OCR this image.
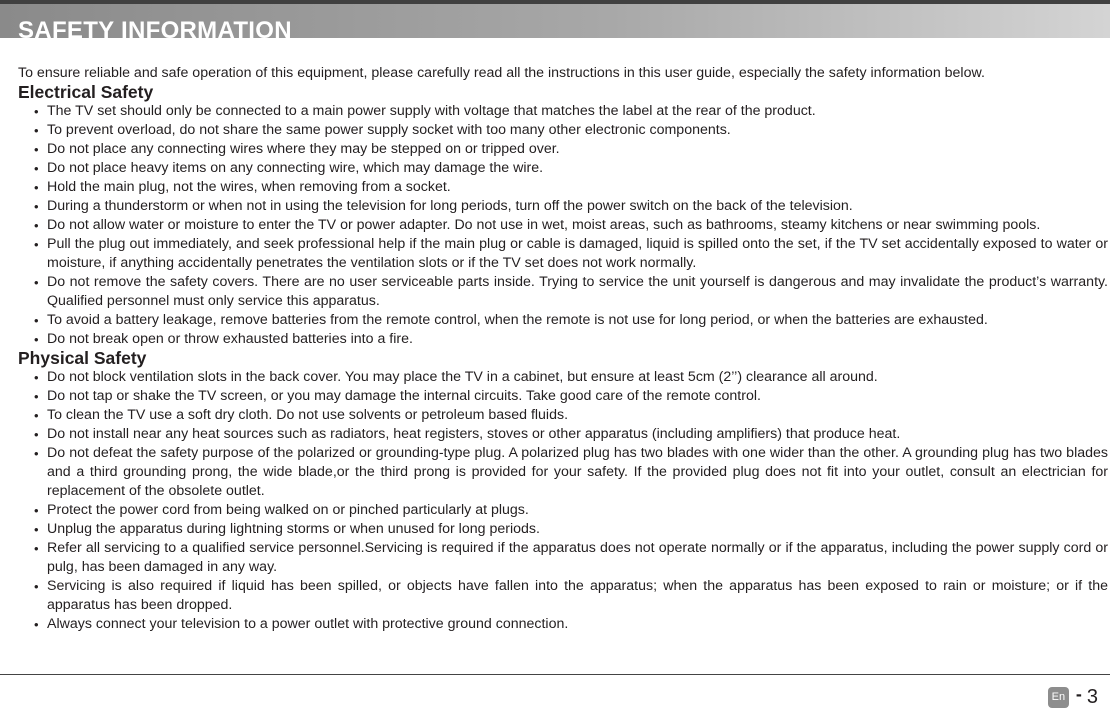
SAFETY INFORMATION

To ensure reliable and safe operation of this equipment, please carefully read all the instructions in this user guide, especially the safety information below.

Electrical Safety
• The TV set should only be connected to a main power supply with voltage that matches the label at the rear of the product.
• To prevent overload, do not share the same power supply socket with too many other electronic components.
• Do not place any connecting wires where they may be stepped on or tripped over.
• Do not place heavy items on any connecting wire, which may damage the wire.
• Hold the main plug, not the wires, when removing from a socket.
• During a thunderstorm or when not in using the television for long periods, turn off the power switch on the back of the television.
• Do not allow water or moisture to enter the TV or power adapter. Do not use in wet, moist areas, such as bathrooms, steamy kitchens or near swimming pools.
• Pull the plug out immediately, and seek professional help if the main plug or cable is damaged, liquid is spilled onto the set, if the TV set accidentally exposed to water or moisture, if anything accidentally penetrates the ventilation slots or if the TV set does not work normally.
• Do not remove the safety covers. There are no user serviceable parts inside. Trying to service the unit yourself is dangerous and may invalidate the product’s warranty. Qualified personnel must only service this apparatus.
• To avoid a battery leakage, remove batteries from the remote control, when the remote is not use for long period, or when the batteries are exhausted.
• Do not break open or throw exhausted batteries into a fire.
Physical Safety
• Do not block ventilation slots in the back cover. You may place the TV in a cabinet, but ensure at least 5cm (2’’) clearance all around.
• Do not tap or shake the TV screen, or you may damage the internal circuits. Take good care of the remote control.
• To clean the TV use a soft dry cloth. Do not use solvents or petroleum based fluids.
• Do not install near any heat sources such as radiators, heat registers, stoves or other apparatus (including amplifiers) that produce heat.
• Do not defeat the safety purpose of the polarized or grounding-type plug. A polarized plug has two blades with one wider than the other. A grounding plug has two blades and a third grounding prong, the wide blade,or the third prong is provided for your safety. If the provided plug does not fit into your outlet, consult an electrician for replacement of the obsolete outlet.
• Protect the power cord from being walked on or pinched particularly at plugs.
• Unplug the apparatus during lightning storms or when unused for long periods.
• Refer all servicing to a qualified service personnel.Servicing is required if the apparatus does not operate normally or if the apparatus, including the power supply cord or pulg, has been damaged in any way.
• Servicing is also required if liquid has been spilled, or objects have fallen into the apparatus; when the apparatus has been exposed to rain or moisture; or if the apparatus has been dropped.
• Always connect your television to a power outlet with protective ground connection.
En - 3
